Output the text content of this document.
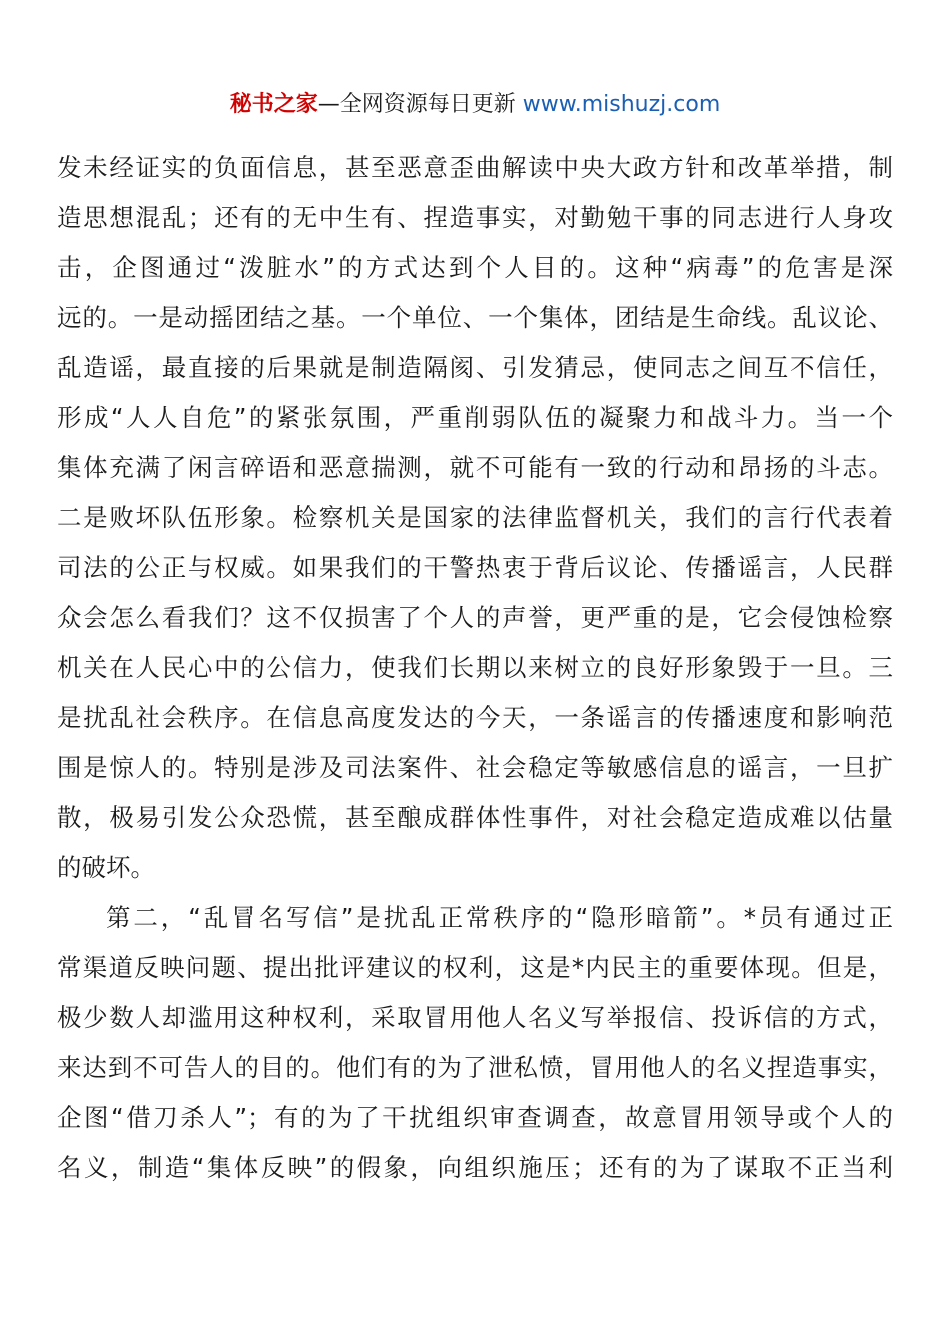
秘书之家—全网资源每日更新 www.mishuzj.com
发未经证实的负面信息，甚至恶意歪曲解读中央大政方针和改革举措，制
造思想混乱；还有的无中生有、捏造事实，对勤勉干事的同志进行人身攻
击，企图通过“泼脏水”的方式达到个人目的。这种“病毒”的危害是深
远的。一是动摇团结之基。一个单位、一个集体，团结是生命线。乱议论、
乱造谣，最直接的后果就是制造隔阂、引发猜忌，使同志之间互不信任，
形成“人人自危”的紧张氛围，严重削弱队伍的凝聚力和战斗力。当一个
集体充满了闲言碎语和恶意揣测，就不可能有一致的行动和昂扬的斗志。
二是败坏队伍形象。检察机关是国家的法律监督机关，我们的言行代表着
司法的公正与权威。如果我们的干警热衷于背后议论、传播谣言，人民群
众会怎么看我们？这不仅损害了个人的声誉，更严重的是，它会侵蚀检察
机关在人民心中的公信力，使我们长期以来树立的良好形象毁于一旦。三
是扰乱社会秩序。在信息高度发达的今天，一条谣言的传播速度和影响范
围是惊人的。特别是涉及司法案件、社会稳定等敏感信息的谣言，一旦扩
散，极易引发公众恐慌，甚至酿成群体性事件，对社会稳定造成难以估量
的破坏。
第二，“乱冒名写信”是扰乱正常秩序的“隐形暗箭”。*员有通过正
常渠道反映问题、提出批评建议的权利，这是*内民主的重要体现。但是，
极少数人却滥用这种权利，采取冒用他人名义写举报信、投诉信的方式，
来达到不可告人的目的。他们有的为了泄私愤，冒用他人的名义捏造事实，
企图“借刀杀人”；有的为了干扰组织审查调查，故意冒用领导或个人的
名义，制造“集体反映”的假象，向组织施压；还有的为了谋取不正当利
